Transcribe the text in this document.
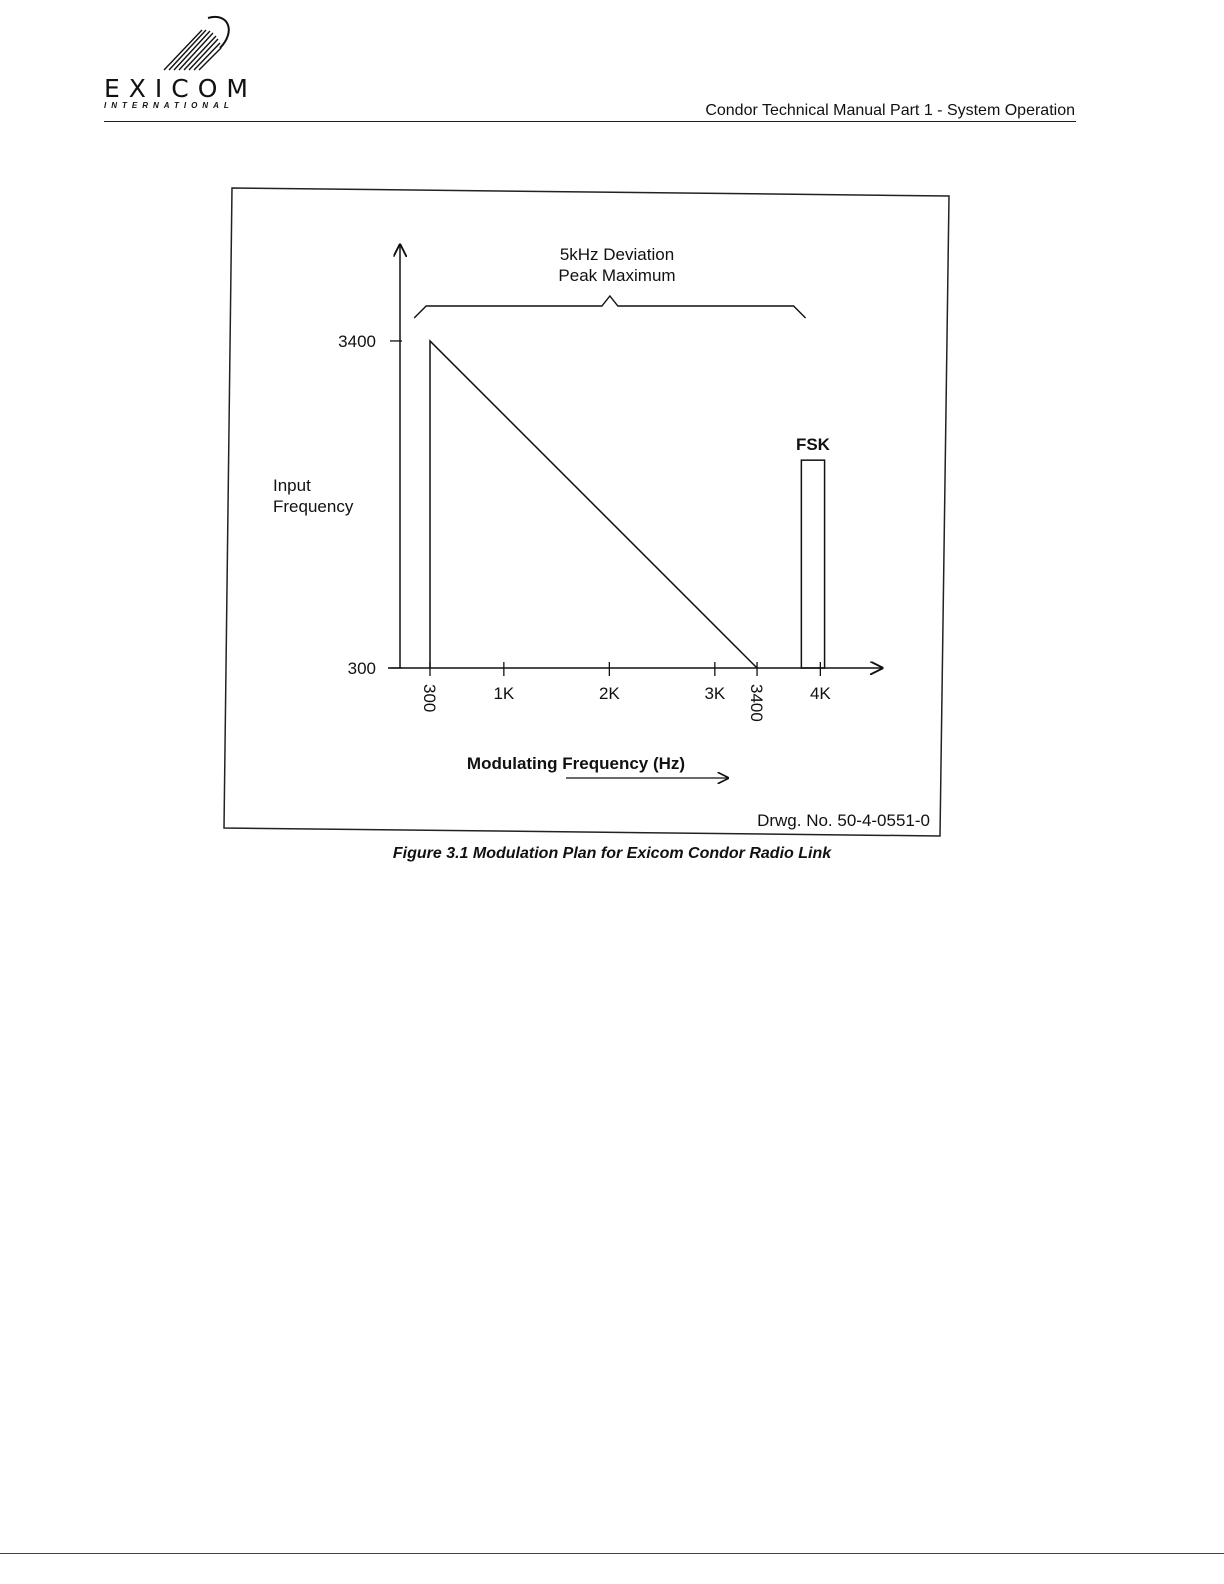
EXICOM
INTERNATIONAL	Condor Technical Manual Part 1 - System Operation
300	1K	2K	3K 3400	4K
300
3400
FSK
5kHz Deviation
Peak Maximum
Input
Frequency
Modulating Frequency (Hz)
Drwg. No. 50-4-0551-0
Figure 3.1 Modulation Plan for Exicom Condor Radio Link
